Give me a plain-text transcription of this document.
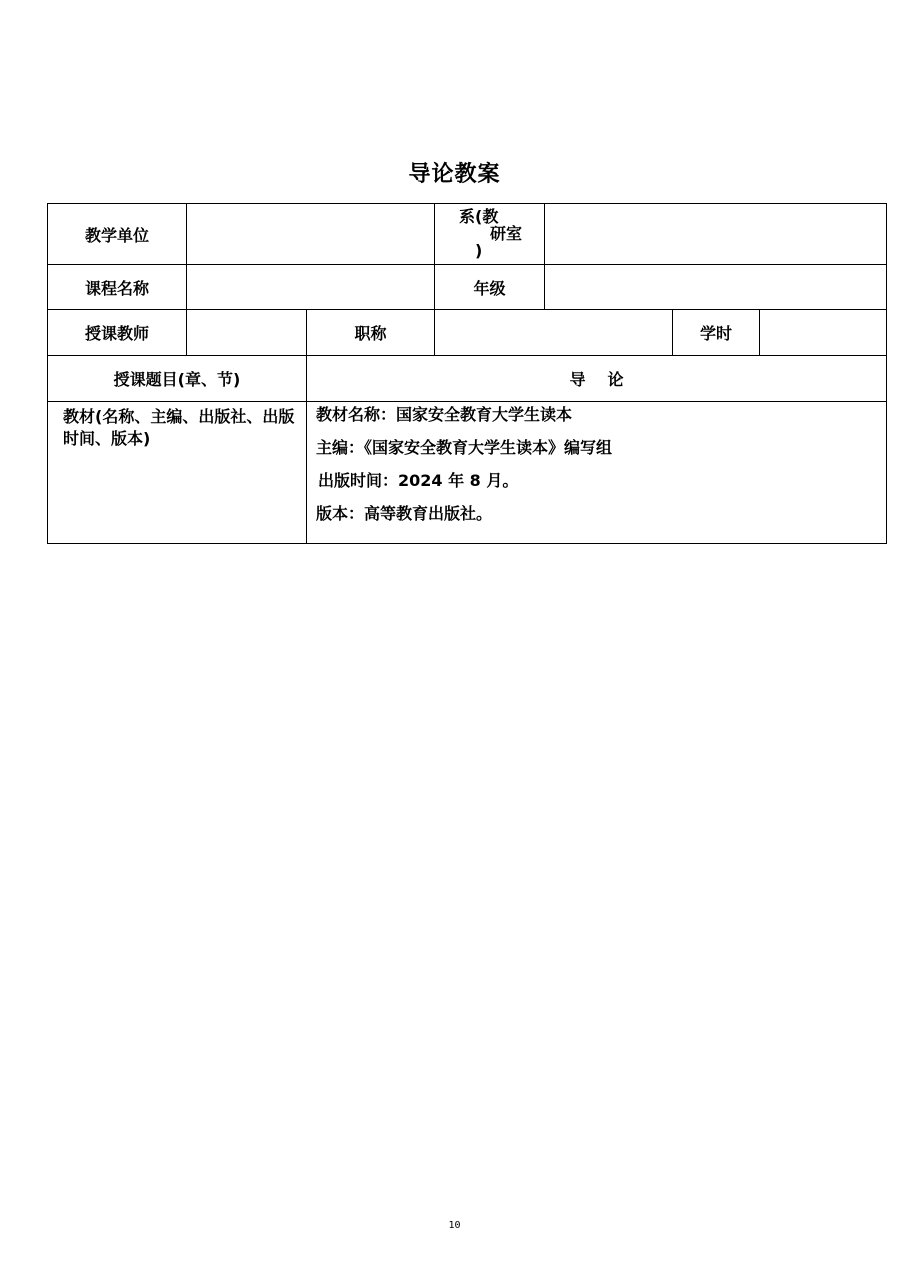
导论教案
教学单位			系(教
研室
)			

课程名称			年级			
授课教师		职称			学时	
授课题目(章、节)		导 论				
教材(名称、主编、出版社、出版时间、版本)		教材名称：国家安全教育大学生读本
主编：《国家安全教育大学生读本》编写组
出版时间：2024 年 8 月。
版本：高等教育出版社。				
10
